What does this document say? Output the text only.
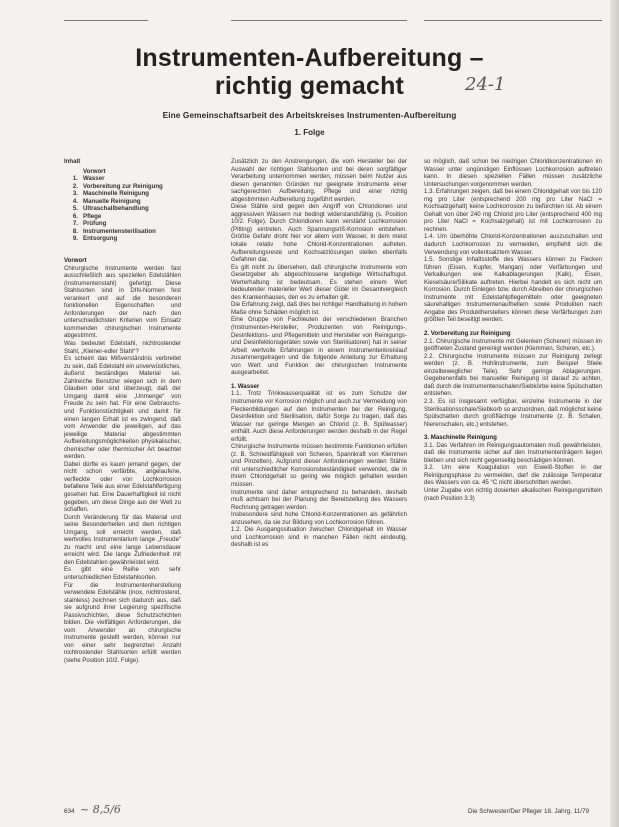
Instrumenten-Aufbereitung –
richtig gemacht	24-1
Eine Gemeinschaftsarbeit des Arbeitskreises Instrumenten-Aufbereitung
1. Folge

Inhalt

Vorwort
1. Wasser
2. Vorbereitung zur Reinigung
3. Maschinelle Reinigung
4. Manuelle Reinigung
5. Ultraschallbehandlung
6. Pflege
7. Prüfung
8. Instrumentensterilisation
9. Entsorgung

Vorwort

Chirurgische Instrumente werden fast ausschließlich aus speziellen Edelstählen (Instrumentenstahl) gefertigt. Diese Stahlsorten sind in DIN-Normen fest verankert und auf die besonderen funktionellen Eigenschaften und Anforderungen der nach den unterschiedlichsten Kriterien vom Einsatz kommenden chirurgischen Instrumente abgestimmt.

Was bedeutet Edelstahl, nichtrostender Stahl, „Kleiner-edler Stahl“?

Es scheint das Mißverständnis verbreitet zu sein, daß Edelstahl ein unverwüstliches, äußerst beständiges Material sei. Zahlreiche Benutzer wiegen sich in dem Glauben oder sind überzeugt, daß der Umgang damit eine „Unmenge“ von Freude zu sein hat. Für eine Gebrauchs- und Funktionstüchtigkeit und damit für einen langen Erhalt ist es zwingend, daß vom Anwender die jeweiligen, auf das jeweilige Material abgestimmten Aufbereitungsmöglichkeiten physikalischer, chemischer oder thermischer Art beachtet werden.

Dabei dürfte es kaum jemand gegen, der nicht schon verfärbte, angelaufene, verfleckte oder von Lochkorrosion befallene Teile aus einer Edelstahlfertigung gesehen hat. Eine Dauerhaftigkeit ist nicht gegeben, um diese Dinge aus der Welt zu schaffen.

Durch Veränderung für das Material und seine Besonderheiten und dem richtigen Umgang, soll erreicht werden, daß wertvolles Instrumentarium lange „Freude“ zu macht und eine lange Lebensdauer erreicht wird. Die lange Zufriedenheit mit den Edelstahlen gewährleistet wird.

Es gibt eine Reihe von sehr unterschiedlichen Edelstahlsorten.

Für die Instrumentenherstellung verwendete Edelstähle (inox, nichtrostend, stainless) zeichnen sich dadurch aus, daß sie aufgrund ihrer Legierung spezifische Passivschichten, diese Schutzschichten bilden. Die vielfältigen Anforderungen, die vom Anwender an chirurgische Instrumente gestellt werden, können nur von einer sehr begrenzten Anzahl nichtrostender Stahlsorten erfüllt werden (siehe Position 10/2. Folge).

Zusätzlich zu den Anstrengungen, die vom Hersteller bei der Auswahl der richtigen Stahlsorten und bei deren sorgfältiger Verarbeitung unternommen werden, müssen beim Nutzer aus diesen genannten Gründen nur geeignete Instrumente einer sachgerechten Aufbereitung, Pflege und einer richtig abgestimmten Aufbereitung zugeführt werden.

Diese Stähle sind gegen den Angriff von Chloridionen und aggressiven Wässern nur bedingt widerstandsfähig (s. Position 10/2. Folge). Durch Chloridionen kann verstärkt Lochkorrosion (Pitting) eintreten. Auch Spannungsriß-Korrosion entstehen. Größte Gefahr droht hier vor allem vom Wasser, in dem meist lokale relativ hohe Chlorid-Konzentrationen aufreten. Aufbereitungsreste und Kochsalzlösungen stellen ebenfalls Gefahren dar.

Es gilt nicht zu übersehen, daß chirurgische Instrumente vom Gesetzgeber als abgeschlossene langlebige Wirtschaftsgut. Werterhaltung ist bedeutsam. Es stehen einem Wert bedeutender materieller Wert dieser Güter im Gesamtvergleich des Krankenhauses, den es zu erhalten gilt.

Die Erfahrung zeigt, daß dies bei richtiger Handhabung in hohem Maße ohne Schäden möglich ist.

Eine Gruppe von Fachleuten der verschiedenen Branchen (Instrumenten-Hersteller, Produzenten von Reinigungs-, Desinfektions- und Pflegemitteln und Hersteller von Reinigungs- und Desinfektionsgeräten sowie von Sterilisatoren) hat in seiner Arbeit wertvolle Erfahrungen in einem Instrumentenkreislauf zusammengetragen und die folgende Anleitung zur Erhaltung von Wert und Funktion der chirurgischen Instrumente ausgearbeitet.

1. Wasser

1.1. Trotz Trinkwasserqualität ist es zum Schutze der Instrumente vor Korrosion möglich und auch zur Vermeidung von Fleckenbildungen auf den Instrumenten bei der Reinigung, Desinfektion und Sterilisation, dafür Sorge zu tragen, daß das Wasser nur geringe Mengen an Chlorid (z. B. Spülwasser) enthält. Auch diese Anforderungen werden deshalb in der Regel erfüllt.

Chirurgische Instrumente müssen bestimmte Funktionen erfüllen (z. B. Schneidfähigkeit von Scheren, Spannkraft von Klemmen und Pinzetten). Aufgrund dieser Anforderungen werden Stähle mit unterschiedlicher Korrosionsbeständigkeit verwendet, die in ihrem Chloridgehalt so gering wie möglich gehalten werden müssen.

Instrumente sind daher entsprechend zu behandeln, deshalb muß achtsam bei der Planung der Bereitstellung des Wassers Rechnung getragen werden.

Insbesondere sind hohe Chlorid-Konzentrationen als gefährlich anzusehen, da sie zur Bildung von Lochkorrosion führen.

1.2. Die Ausgangssituation zwischen Chloridgehalt im Wasser und Lochkorrosion sind in manchen Fällen nicht eindeutig, deshalb ist es

so möglich, daß schon bei niedrigen Chloridkonzentrationen im Wasser unter ungünstigen Einflüssen Lochkorrosion auftreten kann. In diesen speziellen Fällen müssen zusätzliche Untersuchungen vorgenommen werden.

1.3. Erfahrungen zeigen, daß bei einem Chloridgehalt von bis 120 mg pro Liter (entsprechend 200 mg pro Liter NaCl = Kochsalzgehalt) keine Lochkorrosion zu befürchten ist. Ab einem Gehalt von über 240 mg Chlorid pro Liter (entsprechend 400 mg pro Liter NaCl = Kochsalzgehalt) ist mit Lochkorrosion zu rechnen.

1.4. Um überhöhte Chlorid-Konzentrationen auszuschalten und dadurch Lochkorrosion zu vermeiden, empfiehlt sich die Verwendung von vollentsalztem Wasser.

1.5. Sonstige Inhaltsstoffe des Wassers können zu Flecken führen (Eisen, Kupfer, Mangan) oder Verfärbungen und Verkalkungen wie Kalkablagerungen (Kalk), Eisen, Kieselsäure/Silikate auftreten. Hierbei handelt es sich nicht um Korrosion. Durch Einlegen bzw. durch Abreiben der chirurgischen Instrumente mit Edelstahlpflegemitteln oder geeigneten säurehaltigen Instrumentenaufhellern sowie Produkten nach Angabe des Produktherstellers können diese Verfärbungen zum größten Teil beseitigt werden.

2. Vorbereitung zur Reinigung

2.1. Chirurgische Instrumente mit Gelenken (Scheren) müssen im geöffneten Zustand gereinigt werden (Klemmen, Scheren, etc.).

2.2. Chirurgische Instrumente müssen zur Reinigung zerlegt werden (z. B. Hohlinstrumente, zum Beispiel Stiele einzelbeweglicher Teile). Sehr geringe Ablagerungen. Gegebenenfalls bei manueller Reinigung ist darauf zu achten, daß durch die Instrumentenschalen/Siebkörbe keine Spülschatten entstehen.

2.3. Es ist insgesamt verfügbar, einzelne Instrumente in der Sterilisationsschale/Siebkorb so anzuordnen, daß möglichst keine Spülschatten durch großflächige Instrumente (z. B. Schalen, Nierenschalen, etc.) entstehen.

3. Maschinelle Reinigung

3.1. Das Verfahren im Reinigungsautomaten muß gewährleisten, daß die Instrumente sicher auf den Instrumententrägern liegen bleiben und sich nicht gegenseitig beschädigen können.

3.2. Um eine Koagulation von Eiweiß-Stoffen in der Reinigungsphase zu vermeiden, darf die zulässige Temperatur des Wassers von ca. 45 °C nicht überschritten werden.

Unter Zugabe von richtig dosierten alkalischen Reinigungsmitteln (nach Position 3.3)

634 ~ 8,5/6	Die Schwester/Der Pfleger 18. Jahrg. 11/79
